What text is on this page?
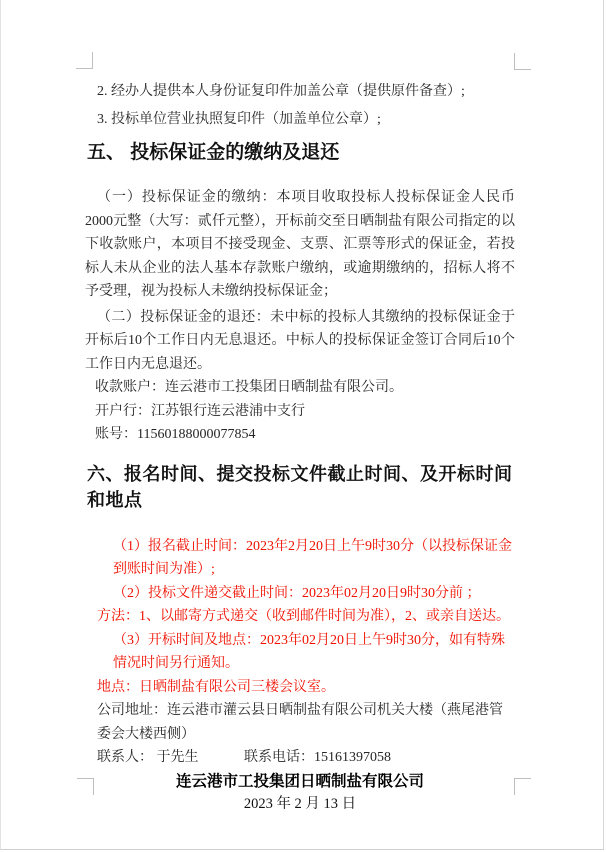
2. 经办人提供本人身份证复印件加盖公章（提供原件备查）;

3. 投标单位营业执照复印件（加盖单位公章）;

五、 投标保证金的缴纳及退还

（一）投标保证金的缴纳：本项目收取投标人投标保证金人民币2000元整（大写：贰仟元整），开标前交至日晒制盐有限公司指定的以下收款账户，本项目不接受现金、支票、汇票等形式的保证金，若投标人未从企业的法人基本存款账户缴纳，或逾期缴纳的，招标人将不予受理，视为投标人未缴纳投标保证金；

（二）投标保证金的退还：未中标的投标人其缴纳的投标保证金于开标后10个工作日内无息退还。中标人的投标保证金签订合同后10个工作日内无息退还。

收款账户：连云港市工投集团日晒制盐有限公司。

开户行：江苏银行连云港浦中支行

账号：11560188000077854

六、报名时间、提交投标文件截止时间、及开标时间和地点

（1）报名截止时间：2023年2月20日上午9时30分（以投标保证金到账时间为准）;

（2）投标文件递交截止时间：2023年02月20日9时30分前 ；

方法：1、以邮寄方式递交（收到邮件时间为准），2、或亲自送达。

（3）开标时间及地点：2023年02月20日上午9时30分，如有特殊情况时间另行通知。

地点：日晒制盐有限公司三楼会议室。

公司地址：连云港市灌云县日晒制盐有限公司机关大楼（燕尾港管委会大楼西侧）

联系人： 于先生	联系电话：15161397058

连云港市工投集团日晒制盐有限公司

2023 年 2 月 13 日
